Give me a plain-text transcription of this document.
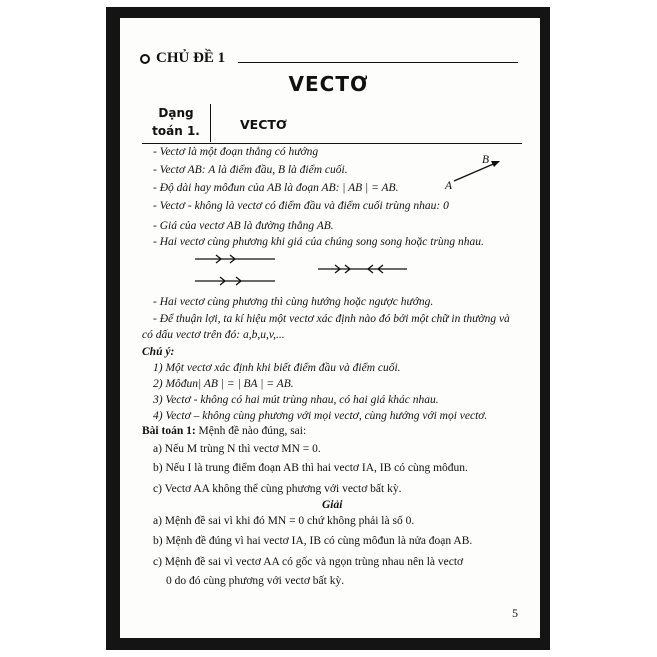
CHỦ ĐỀ 1
VECTƠ
Dạng toán 1.	VECTƠ
- Vectơ là một đoạn thẳng có hướng
- Vectơ AB: A là điểm đầu, B là điểm cuối.
- Độ dài hay môđun của AB là đoạn AB: | AB | = AB.
- Vectơ - không là vectơ có điểm đầu và điểm cuối trùng nhau: 0
- Giá của vectơ AB là đường thẳng AB.
- Hai vectơ cùng phương khi giá của chúng song song hoặc trùng nhau.
A
B
- Hai vectơ cùng phương thì cùng hướng hoặc ngược hướng.
- Để thuận lợi, ta kí hiệu một vectơ xác định nào đó bởi một chữ in thường và
có dấu vectơ trên đó: a,b,u,v,...
Chú ý:
1) Một vectơ xác định khi biết điểm đầu và điểm cuối.
2) Môđun| AB | = | BA | = AB.
3) Vectơ - không có hai mút trùng nhau, có hai giá khác nhau.
4) Vectơ – không cùng phương với mọi vectơ, cùng hướng với mọi vectơ.
Bài toán 1: Mệnh đề nào đúng, sai:
a) Nếu M trùng N thì vectơ MN = 0.
b) Nếu I là trung điểm đoạn AB thì hai vectơ IA, IB có cùng môđun.
c) Vectơ AA không thể cùng phương với vectơ bất kỳ.
Giải
a) Mệnh đề sai vì khi đó MN = 0 chứ không phải là số 0.
b) Mệnh đề đúng vì hai vectơ IA, IB có cùng môđun là nửa đoạn AB.
c) Mệnh đề sai vì vectơ AA có gốc và ngọn trùng nhau nên là vectơ
0 do đó cùng phương với vectơ bất kỳ.
5
